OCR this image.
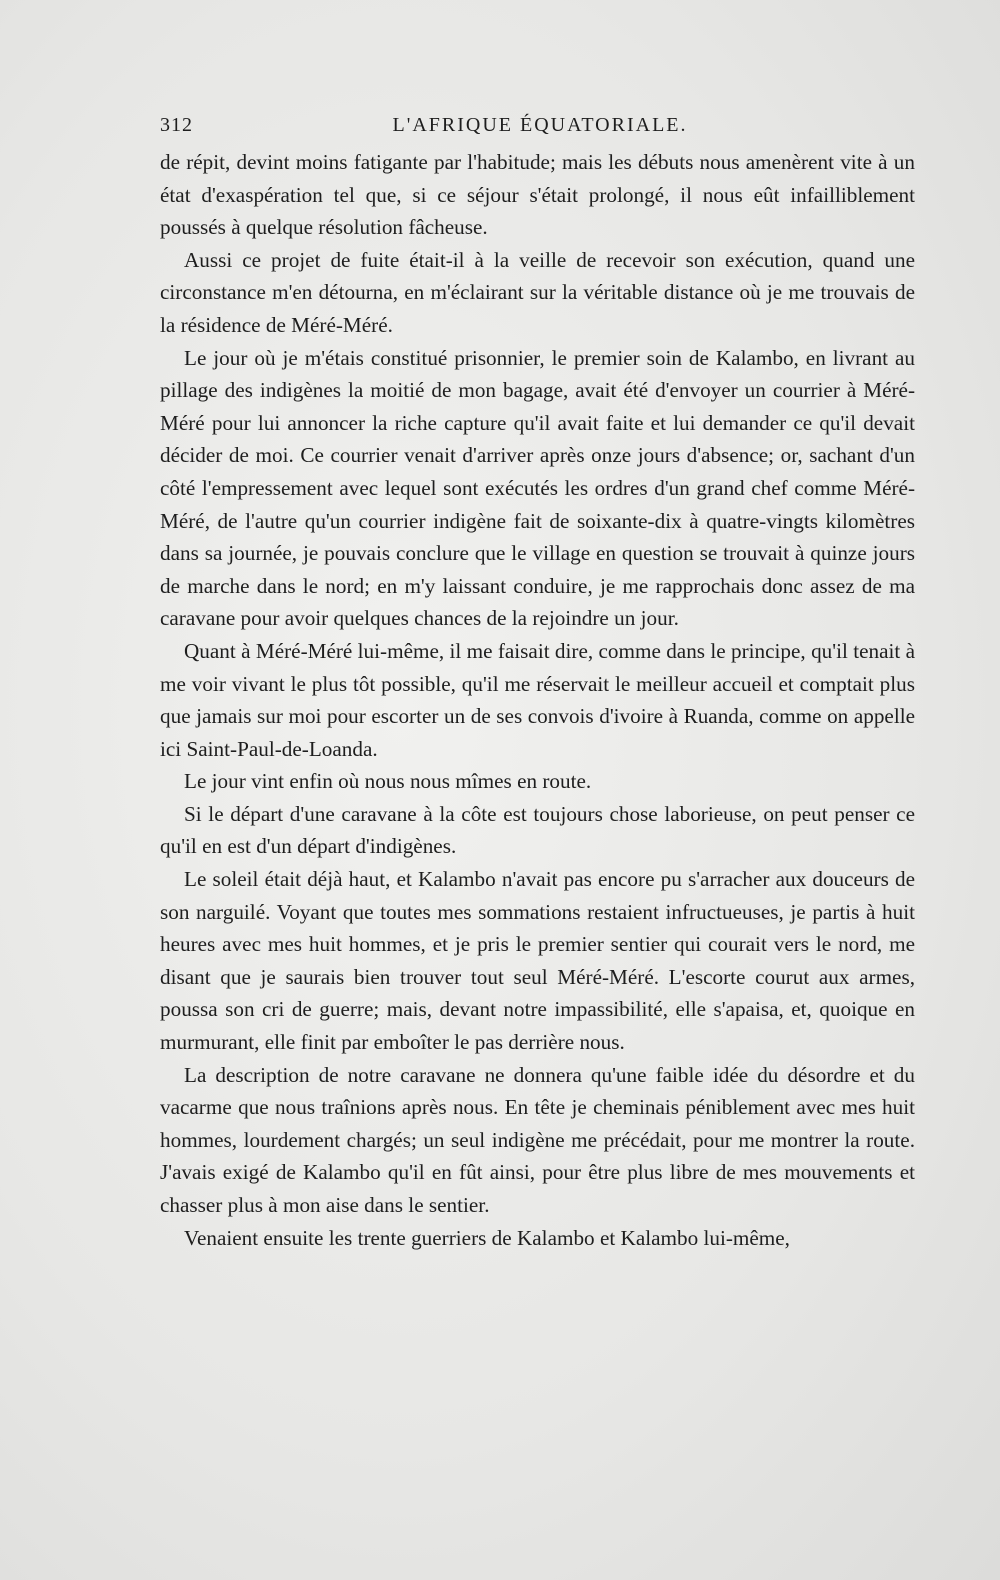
312	L'AFRIQUE ÉQUATORIALE.

de répit, devint moins fatigante par l'habitude; mais les débuts nous amenèrent vite à un état d'exaspération tel que, si ce séjour s'était prolongé, il nous eût infailliblement poussés à quelque résolution fâcheuse.

Aussi ce projet de fuite était-il à la veille de recevoir son exécution, quand une circonstance m'en détourna, en m'éclairant sur la véritable distance où je me trouvais de la résidence de Méré-Méré.

Le jour où je m'étais constitué prisonnier, le premier soin de Kalambo, en livrant au pillage des indigènes la moitié de mon bagage, avait été d'envoyer un courrier à Méré-Méré pour lui annoncer la riche capture qu'il avait faite et lui demander ce qu'il devait décider de moi. Ce courrier venait d'arriver après onze jours d'absence; or, sachant d'un côté l'empressement avec lequel sont exécutés les ordres d'un grand chef comme Méré-Méré, de l'autre qu'un courrier indigène fait de soixante-dix à quatre-vingts kilomètres dans sa journée, je pouvais conclure que le village en question se trouvait à quinze jours de marche dans le nord; en m'y laissant conduire, je me rapprochais donc assez de ma caravane pour avoir quelques chances de la rejoindre un jour.

Quant à Méré-Méré lui-même, il me faisait dire, comme dans le principe, qu'il tenait à me voir vivant le plus tôt possible, qu'il me réservait le meilleur accueil et comptait plus que jamais sur moi pour escorter un de ses convois d'ivoire à Ruanda, comme on appelle ici Saint-Paul-de-Loanda.

Le jour vint enfin où nous nous mîmes en route.

Si le départ d'une caravane à la côte est toujours chose laborieuse, on peut penser ce qu'il en est d'un départ d'indigènes.

Le soleil était déjà haut, et Kalambo n'avait pas encore pu s'arracher aux douceurs de son narguilé. Voyant que toutes mes sommations restaient infructueuses, je partis à huit heures avec mes huit hommes, et je pris le premier sentier qui courait vers le nord, me disant que je saurais bien trouver tout seul Méré-Méré. L'escorte courut aux armes, poussa son cri de guerre; mais, devant notre impassibilité, elle s'apaisa, et, quoique en murmurant, elle finit par emboîter le pas derrière nous.

La description de notre caravane ne donnera qu'une faible idée du désordre et du vacarme que nous traînions après nous. En tête je cheminais péniblement avec mes huit hommes, lourdement chargés; un seul indigène me précédait, pour me montrer la route. J'avais exigé de Kalambo qu'il en fût ainsi, pour être plus libre de mes mouvements et chasser plus à mon aise dans le sentier.

Venaient ensuite les trente guerriers de Kalambo et Kalambo lui-même,
